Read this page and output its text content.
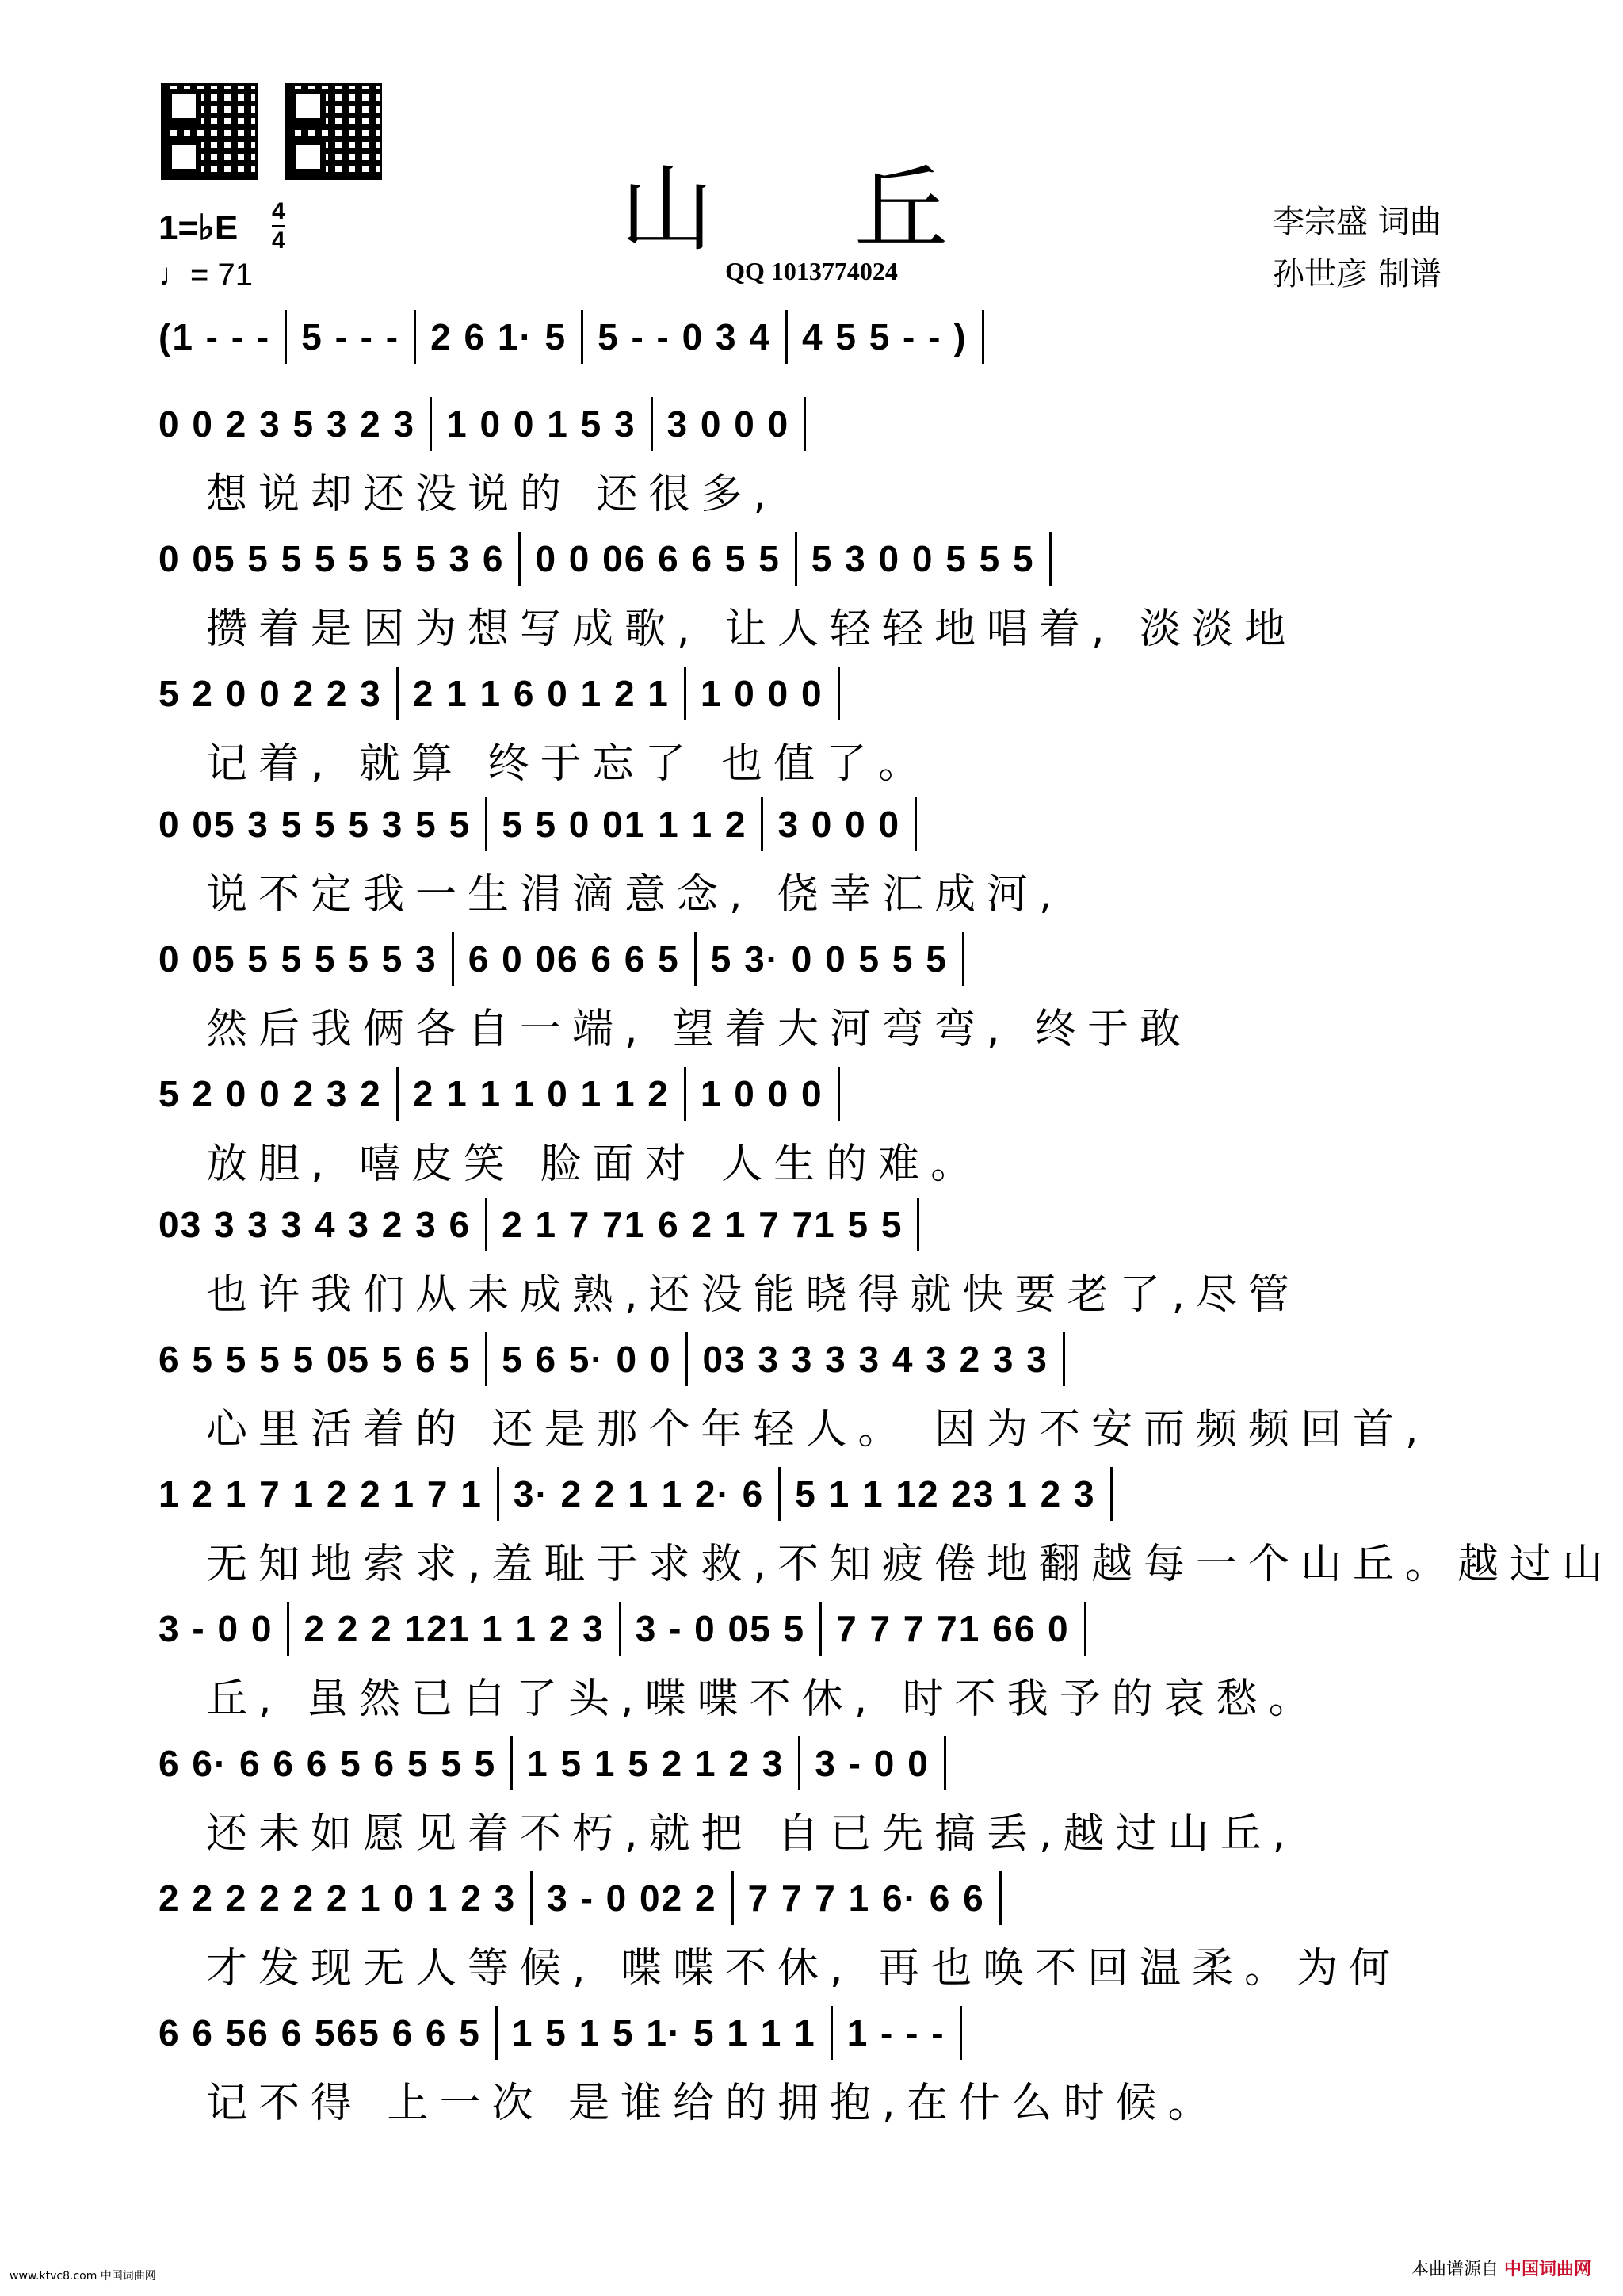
山 丘
QQ 1013774024
李宗盛 词曲
孙世彦 制谱
1=♭E 4
4
♩= 71
(1 - - - 5 - - - 2 6 1· 5 5 - - 0 3 4 4 5 5 - - )
0 0 2 3 5 3 2 3 1 0 0 1 5 3 3 0 0 0
想说却还没说的 还很多,
0 05 5 5 5 5 5 5 3 6 0 0 06 6 6 5 5 5 3 0 0 5 5 5
攒着是因为想写成歌, 让人轻轻地唱着, 淡淡地
5 2 0 0 2 2 3 2 1 1 6 0 1 2 1 1 0 0 0
记着, 就算 终于忘了 也值了。
0 05 3 5 5 5 3 5 5 5 5 0 01 1 1 2 3 0 0 0
说不定我一生涓滴意念, 侥幸汇成河,
0 05 5 5 5 5 5 3 6 0 06 6 6 5 5 3· 0 0 5 5 5
然后我俩各自一端, 望着大河弯弯, 终于敢
5 2 0 0 2 3 2 2 1 1 1 0 1 1 2 1 0 0 0
放胆, 嘻皮笑 脸面对 人生的难。
03 3 3 3 4 3 2 3 6 2 1 7 71 6 2 1 7 71 5 5
也许我们从未成熟,还没能晓得就快要老了,尽管
6 5 5 5 5 05 5 6 5 5 6 5· 0 0 03 3 3 3 3 4 3 2 3 3
心里活着的 还是那个年轻人。 因为不安而频频回首,
1 2 1 7 1 2 2 1 7 1 3· 2 2 1 1 2· 6 5 1 1 12 23 1 2 3
无知地索求,羞耻于求救,不知疲倦地翻越每一个山丘。越过山
3 - 0 0 2 2 2 121 1 1 2 3 3 - 0 05 5 7 7 7 71 66 0
丘, 虽然已白了头,喋喋不休, 时不我予的哀愁。
6 6· 6 6 6 5 6 5 5 5 1 5 1 5 2 1 2 3 3 - 0 0
还未如愿见着不朽,就把 自已先搞丢,越过山丘,
2 2 2 2 2 2 1 0 1 2 3 3 - 0 02 2 7 7 7 1 6· 6 6
才发现无人等候, 喋喋不休, 再也唤不回温柔。为何
6 6 56 6 565 6 6 5 1 5 1 5 1· 5 1 1 1 1 - - -
记不得 上一次 是谁给的拥抱,在什么时候。
www.ktvc8.com 中国词曲网	本曲谱源自 中国词曲网
